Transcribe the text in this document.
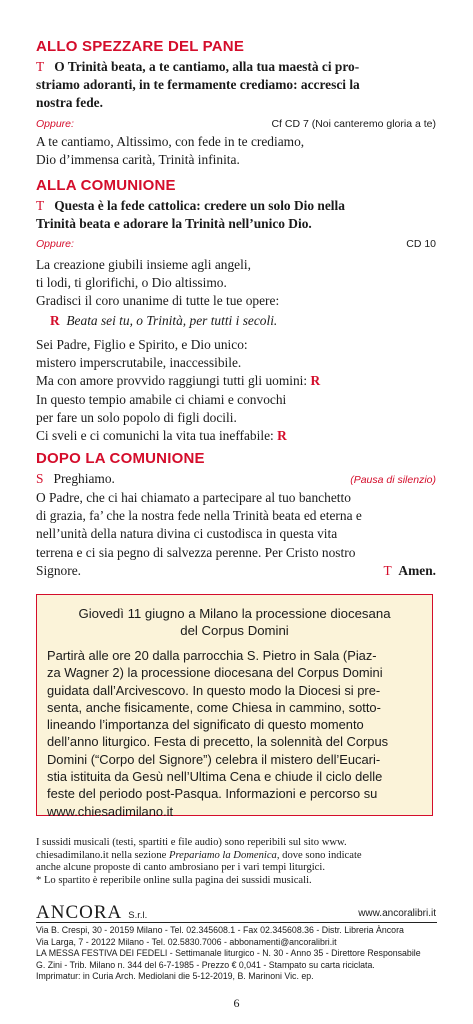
ALLO SPEZZARE DEL PANE
T O Trinità beata, a te cantiamo, alla tua maestà ci pro-
striamo adoranti, in te fermamente crediamo: accresci la
nostra fede.
Oppure:	Cf CD 7 (Noi canteremo gloria a te)
A te cantiamo, Altissimo, con fede in te crediamo,
Dio d’immensa carità, Trinità infinita.
ALLA COMUNIONE
T Questa è la fede cattolica: credere un solo Dio nella
Trinità beata e adorare la Trinità nell’unico Dio.
Oppure:	CD 10
La creazione giubili insieme agli angeli,
ti lodi, ti glorifichi, o Dio altissimo.
Gradisci il coro unanime di tutte le tue opere:
R Beata sei tu, o Trinità, per tutti i secoli.
Sei Padre, Figlio e Spirito, e Dio unico:
mistero imperscrutabile, inaccessibile.
Ma con amore provvido raggiungi tutti gli uomini: R
In questo tempio amabile ci chiami e convochi
per fare un solo popolo di figli docili.
Ci sveli e ci comunichi la vita tua ineffabile: R
DOPO LA COMUNIONE
S Preghiamo.	(Pausa di silenzio)
O Padre, che ci hai chiamato a partecipare al tuo banchetto
di grazia, fa’ che la nostra fede nella Trinità beata ed eterna e
nell’unità della natura divina ci custodisca in questa vita
terrena e ci sia pegno di salvezza perenne. Per Cristo nostro
Signore.	T Amen.
Giovedì 11 giugno a Milano la processione diocesana
del Corpus Domini
Partirà alle ore 20 dalla parrocchia S. Pietro in Sala (Piaz-
za Wagner 2) la processione diocesana del Corpus Domini
guidata dall’Arcivescovo. In questo modo la Diocesi si pre-
senta, anche fisicamente, come Chiesa in cammino, sotto-
lineando l’importanza del significato di questo momento
dell’anno liturgico. Festa di precetto, la solennità del Corpus
Domini (“Corpo del Signore”) celebra il mistero dell’Eucari-
stia istituita da Gesù nell’Ultima Cena e chiude il ciclo delle
feste del periodo post-Pasqua. Informazioni e percorso su
www.chiesadimilano.it
I sussidi musicali (testi, spartiti e file audio) sono reperibili sul sito www.
chiesadimilano.it nella sezione Prepariamo la Domenica, dove sono indicate
anche alcune proposte di canto ambrosiano per i vari tempi liturgici.
* Lo spartito è reperibile online sulla pagina dei sussidi musicali.
ANCORA S.r.l.	www.ancoralibri.it
Via B. Crespi, 30 - 20159 Milano - Tel. 02.345608.1 - Fax 02.345608.36 - Distr. Libreria Àncora
Via Larga, 7 - 20122 Milano - Tel. 02.5830.7006 - abbonamenti@ancoralibri.it
LA MESSA FESTIVA DEI FEDELI - Settimanale liturgico - N. 30 - Anno 35 - Direttore Responsabile
G. Zini - Trib. Milano n. 344 del 6-7-1985 - Prezzo € 0,041 - Stampato su carta riciclata.
Imprimatur: in Curia Arch. Mediolani die 5-12-2019, B. Marinoni Vic. ep.
6
